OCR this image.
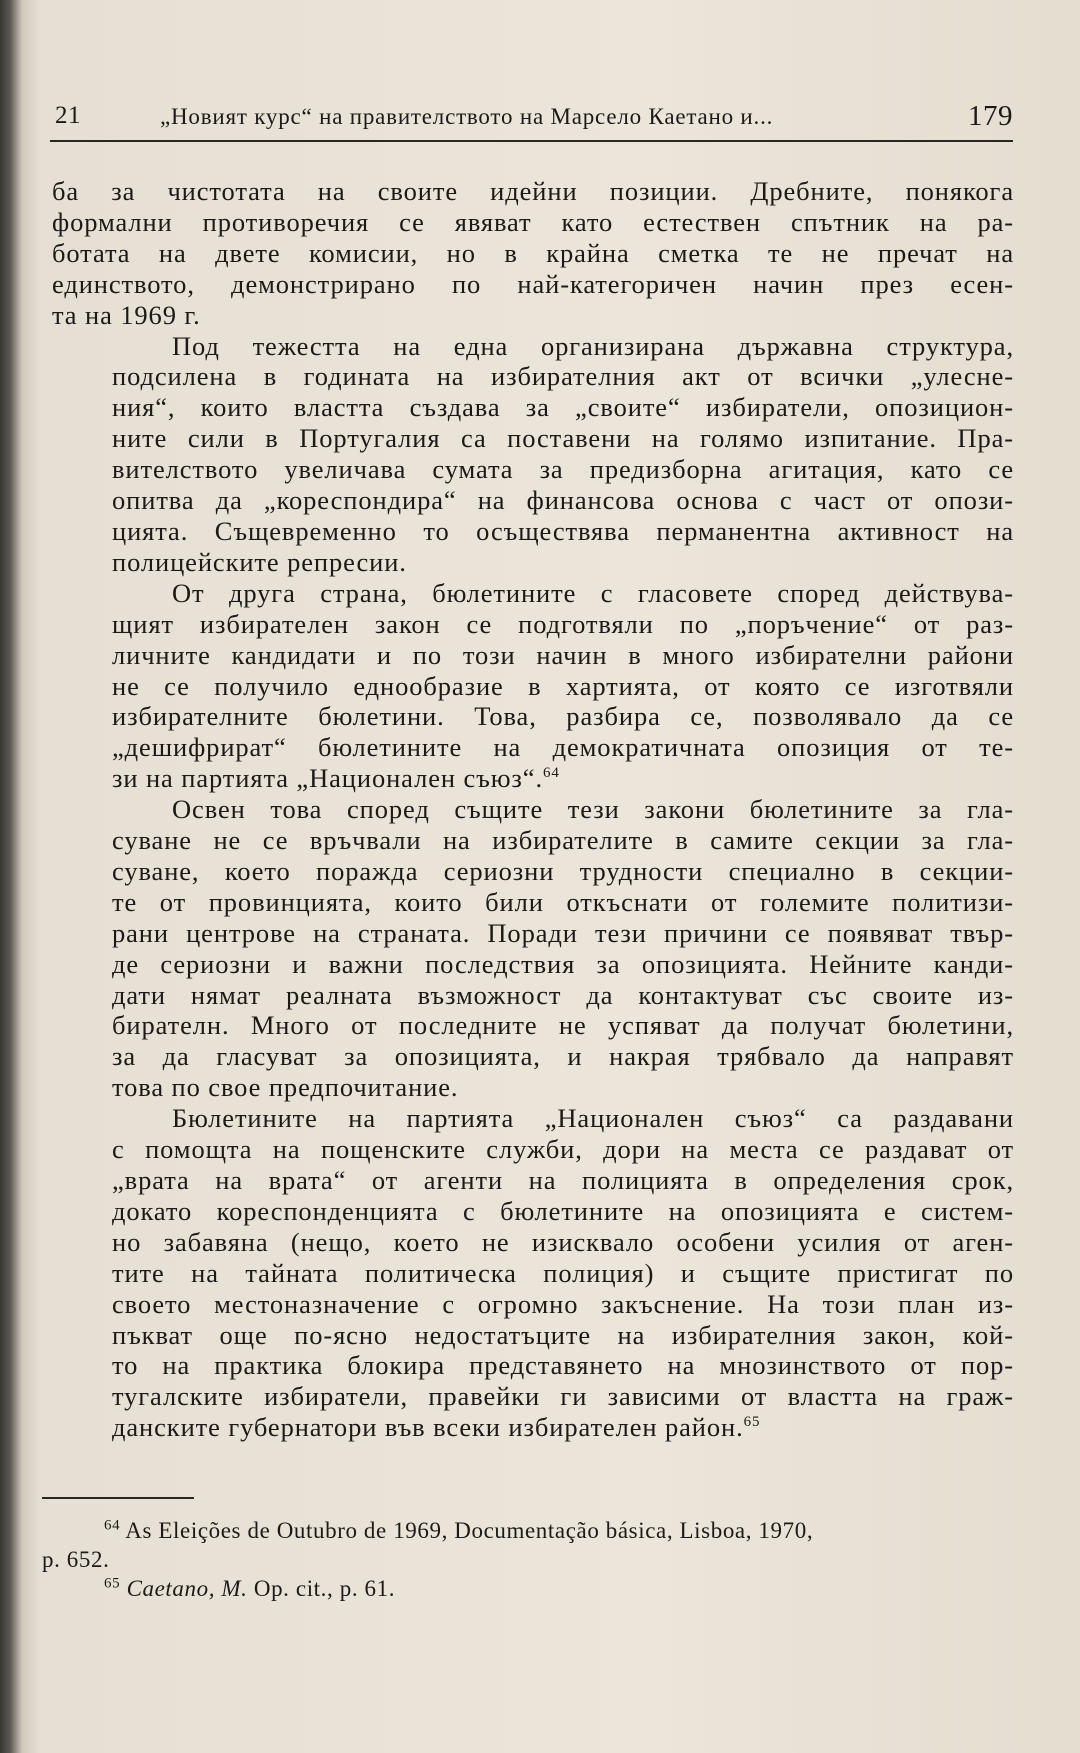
21	„Новият курс“ на правителството на Марсело Каетано и...	179

ба за чистотата на своите идейни позиции. Дребните, понякога
формални противоречия се явяват като естествен спътник на ра-
ботата на двете комисии, но в крайна сметка те не пречат на
единството, демонстрирано по най-категоричен начин през есен-
та на 1969 г.

Под тежестта на една организирана държавна структура,
подсилена в годината на избирателния акт от всички „улесне-
ния“, които властта създава за „своите“ избиратели, опозицион-
ните сили в Португалия са поставени на голямо изпитание. Пра-
вителството увеличава сумата за предизборна агитация, като се
опитва да „кореспондира“ на финансова основа с част от опози-
цията. Същевременно то осъществява перманентна активност на
полицейските репресии.

От друга страна, бюлетините с гласовете според действува-
щият избирателен закон се подготвяли по „поръчение“ от раз-
личните кандидати и по този начин в много избирателни райони
не се получило еднообразие в хартията, от която се изготвяли
избирателните бюлетини. Това, разбира се, позволявало да се
„дешифрират“ бюлетините на демократичната опозиция от те-
зи на партията „Национален съюз“.$^{64}$

Освен това според същите тези закони бюлетините за гла-
суване не се връчвали на избирателите в самите секции за гла-
суване, което поражда сериозни трудности специално в секции-
те от провинцията, които били откъснати от големите политизи-
рани центрове на страната. Поради тези причини се появяват твър-
де сериозни и важни последствия за опозицията. Нейните канди-
дати нямат реалната възможност да контактуват със своите из-
бирателн. Много от последните не успяват да получат бюлетини,
за да гласуват за опозицията, и накрая трябвало да направят
това по свое предпочитание.

Бюлетините на партията „Национален съюз“ са раздавани
с помощта на пощенските служби, дори на места се раздават от
„врата на врата“ от агенти на полицията в определения срок,
докато кореспонденцията с бюлетините на опозицията е систем-
но забавяна (нещо, което не изисквало особени усилия от аген-
тите на тайната политическа полиция) и същите пристигат по
своето местоназначение с огромно закъснение. На този план из-
пъкват още по-ясно недостатъците на избирателния закон, кой-
то на практика блокира представянето на мнозинството от пор-
тугалските избиратели, правейки ги зависими от властта на граж-
данските губернатори във всеки избирателен район.$^{65}$

$^{64}$ As Eleições de Outubro de 1969, Documentação básica, Lisboa, 1970,
p. 652.
$^{65}$ Caetano, M. Op. cit., p. 61.
